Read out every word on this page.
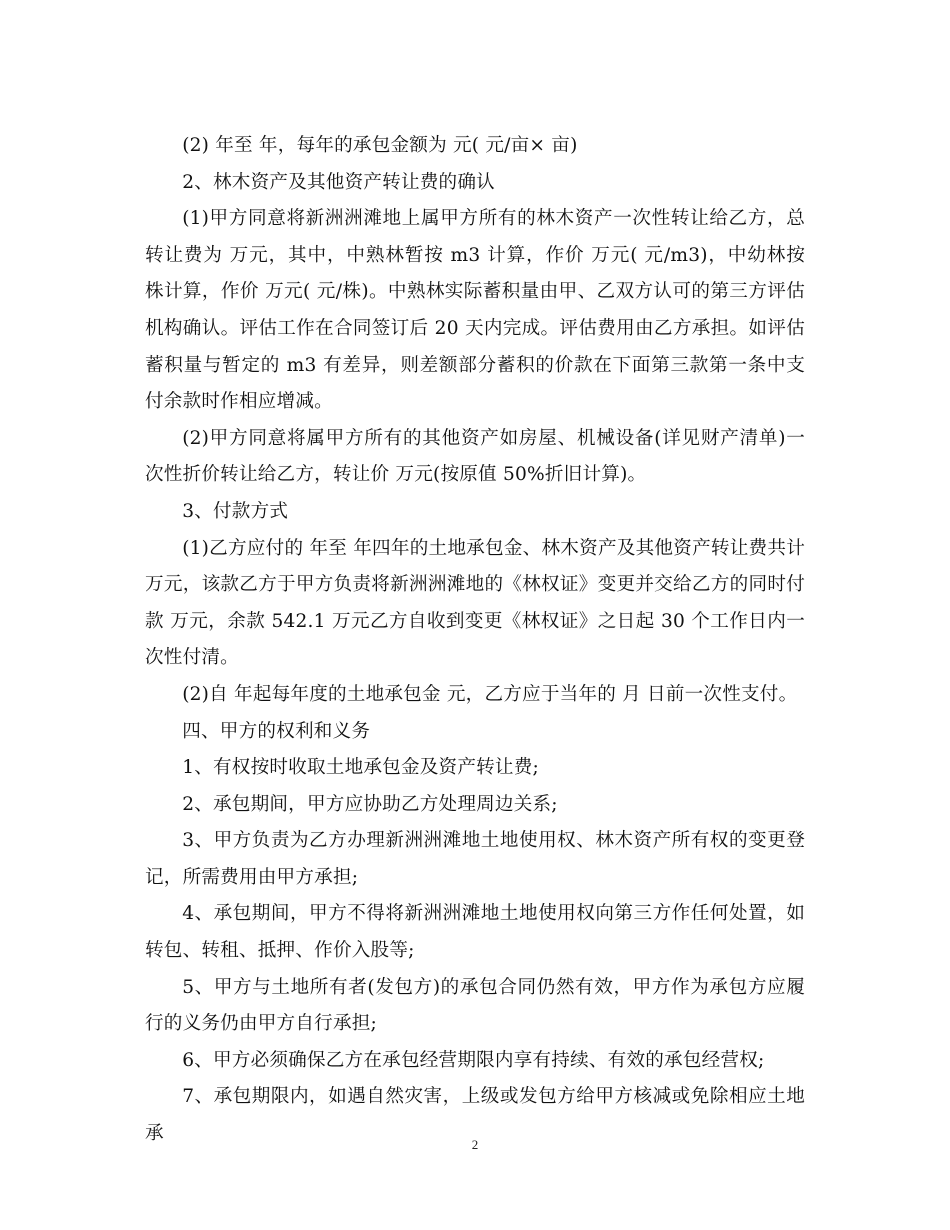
(2) 年至 年，每年的承包金额为 元( 元/亩× 亩)

2、林木资产及其他资产转让费的确认

(1)甲方同意将新洲洲滩地上属甲方所有的林木资产一次性转让给乙方，总转让费为 万元，其中，中熟林暂按 m3 计算，作价 万元( 元/m3)，中幼林按 株计算，作价 万元( 元/株)。中熟林实际蓄积量由甲、乙双方认可的第三方评估机构确认。评估工作在合同签订后 20 天内完成。评估费用由乙方承担。如评估蓄积量与暂定的 m3 有差异，则差额部分蓄积的价款在下面第三款第一条中支付余款时作相应增减。

(2)甲方同意将属甲方所有的其他资产如房屋、机械设备(详见财产清单)一次性折价转让给乙方，转让价 万元(按原值 50%折旧计算)。

3、付款方式

(1)乙方应付的 年至 年四年的土地承包金、林木资产及其他资产转让费共计 万元，该款乙方于甲方负责将新洲洲滩地的《林权证》变更并交给乙方的同时付款 万元，余款 542.1 万元乙方自收到变更《林权证》之日起 30 个工作日内一次性付清。

(2)自 年起每年度的土地承包金 元，乙方应于当年的 月 日前一次性支付。

四、甲方的权利和义务

1、有权按时收取土地承包金及资产转让费;

2、承包期间，甲方应协助乙方处理周边关系;

3、甲方负责为乙方办理新洲洲滩地土地使用权、林木资产所有权的变更登记，所需费用由甲方承担;

4、承包期间，甲方不得将新洲洲滩地土地使用权向第三方作任何处置，如转包、转租、抵押、作价入股等;

5、甲方与土地所有者(发包方)的承包合同仍然有效，甲方作为承包方应履行的义务仍由甲方自行承担;

6、甲方必须确保乙方在承包经营期限内享有持续、有效的承包经营权;

7、承包期限内，如遇自然灾害，上级或发包方给甲方核减或免除相应土地承

2
